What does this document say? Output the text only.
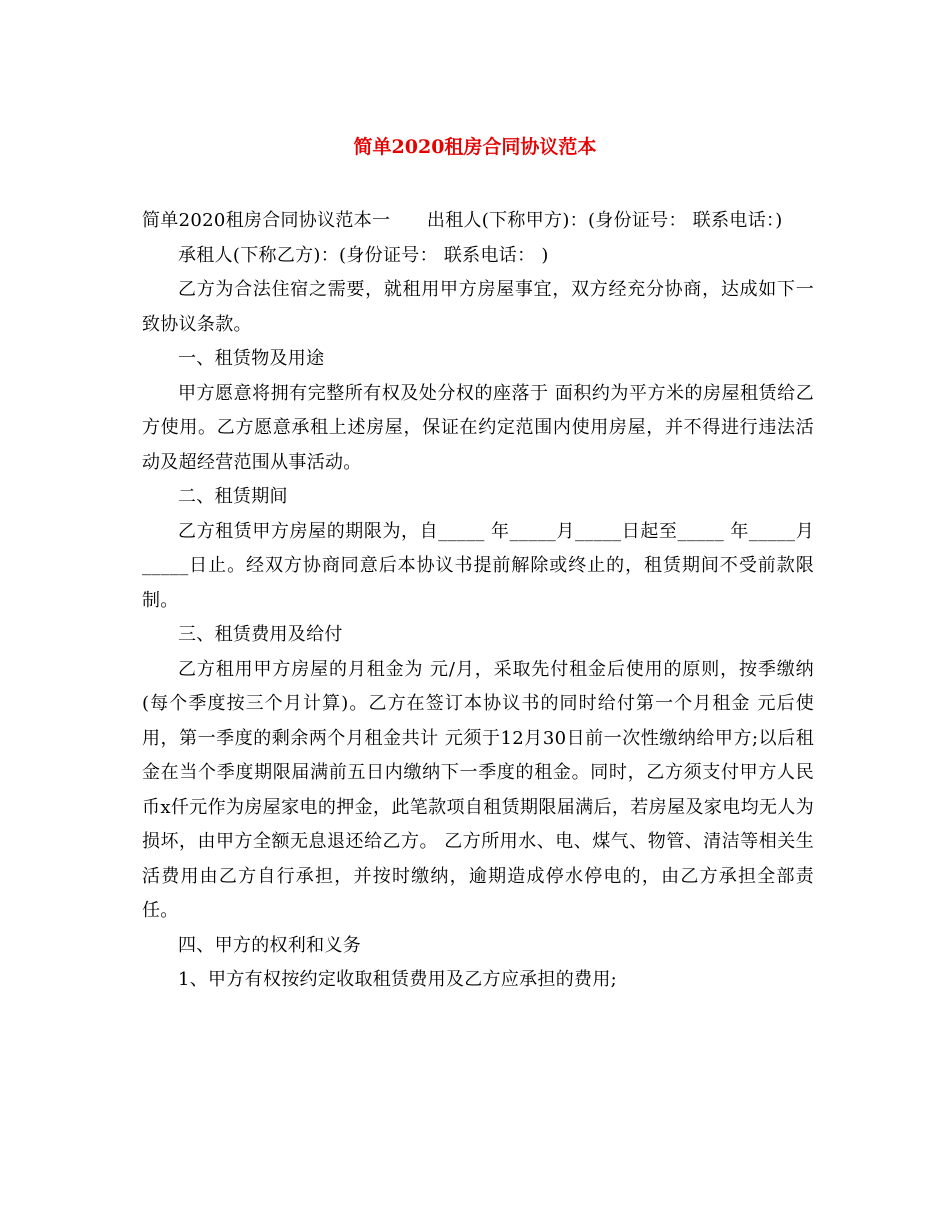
简单2020租房合同协议范本

简单2020租房合同协议范本一　　出租人(下称甲方)：(身份证号： 联系电话：)

承租人(下称乙方)：(身份证号： 联系电话： )

乙方为合法住宿之需要，就租用甲方房屋事宜，双方经充分协商，达成如下一致协议条款。

一、租赁物及用途

甲方愿意将拥有完整所有权及处分权的座落于 面积约为平方米的房屋租赁给乙方使用。乙方愿意承租上述房屋，保证在约定范围内使用房屋，并不得进行违法活动及超经营范围从事活动。

二、租赁期间

乙方租赁甲方房屋的期限为，自_____ 年_____月_____日起至_____ 年_____月_____日止。经双方协商同意后本协议书提前解除或终止的，租赁期间不受前款限制。

三、租赁费用及给付

乙方租用甲方房屋的月租金为 元/月，采取先付租金后使用的原则，按季缴纳(每个季度按三个月计算)。乙方在签订本协议书的同时给付第一个月租金 元后使用，第一季度的剩余两个月租金共计 元须于12月30日前一次性缴纳给甲方;以后租金在当个季度期限届满前五日内缴纳下一季度的租金。同时，乙方须支付甲方人民币x仟元作为房屋家电的押金，此笔款项自租赁期限届满后，若房屋及家电均无人为损坏，由甲方全额无息退还给乙方。 乙方所用水、电、煤气、物管、清洁等相关生活费用由乙方自行承担，并按时缴纳，逾期造成停水停电的，由乙方承担全部责任。

四、甲方的权利和义务

1、甲方有权按约定收取租赁费用及乙方应承担的费用;
